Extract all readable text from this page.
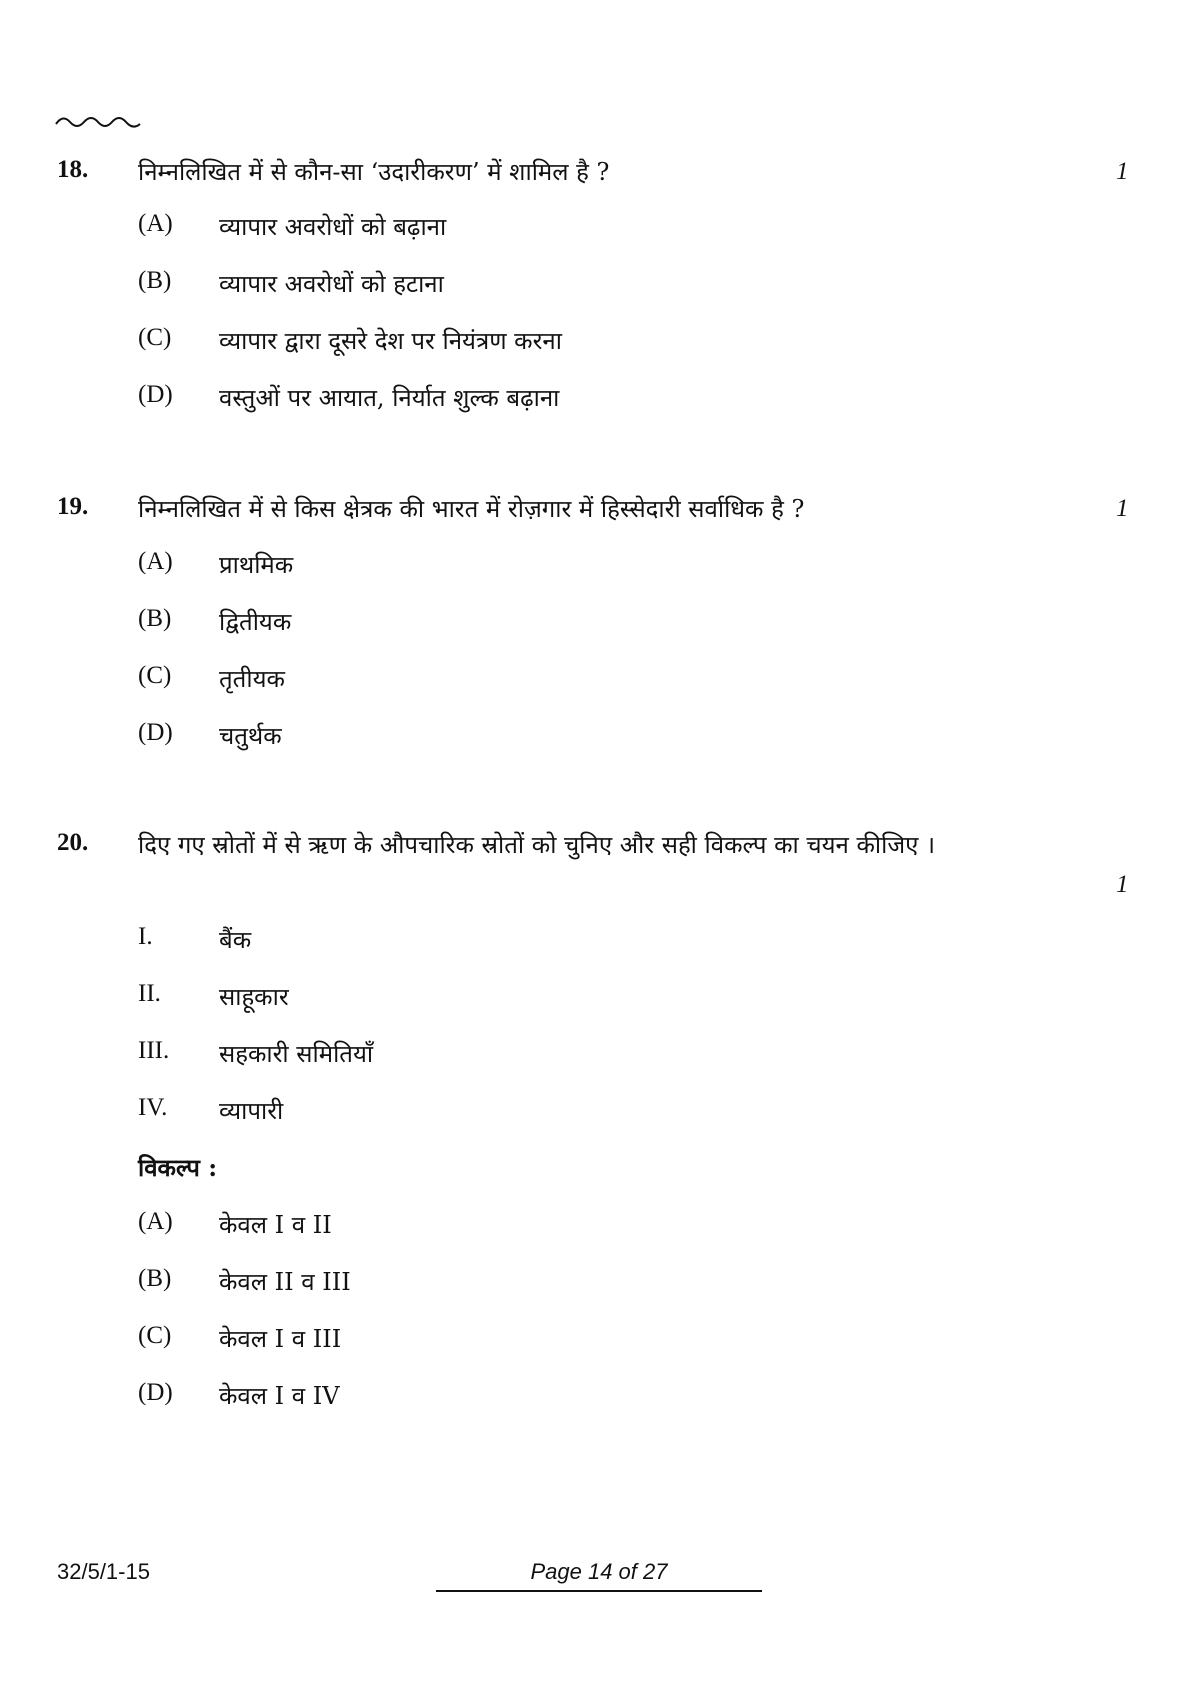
18. निम्नलिखित में से कौन-सा ‘उदारीकरण’ में शामिल है ?	1
(A) व्यापार अवरोधों को बढ़ाना
(B) व्यापार अवरोधों को हटाना
(C) व्यापार द्वारा दूसरे देश पर नियंत्रण करना
(D) वस्तुओं पर आयात, निर्यात शुल्क बढ़ाना
19. निम्नलिखित में से किस क्षेत्रक की भारत में रोज़गार में हिस्सेदारी सर्वाधिक है ?	1
(A) प्राथमिक
(B) द्वितीयक
(C) तृतीयक
(D) चतुर्थक
20. दिए गए स्रोतों में से ऋण के औपचारिक स्रोतों को चुनिए और सही विकल्प का चयन कीजिए ।
1
I.	बैंक
II. साहूकार
III. सहकारी समितियाँ
IV. व्यापारी
विकल्प :
(A) केवल I व II
(B) केवल II व III
(C) केवल I व III
(D) केवल I व IV
32/5/1-15	Page 14 of 27
